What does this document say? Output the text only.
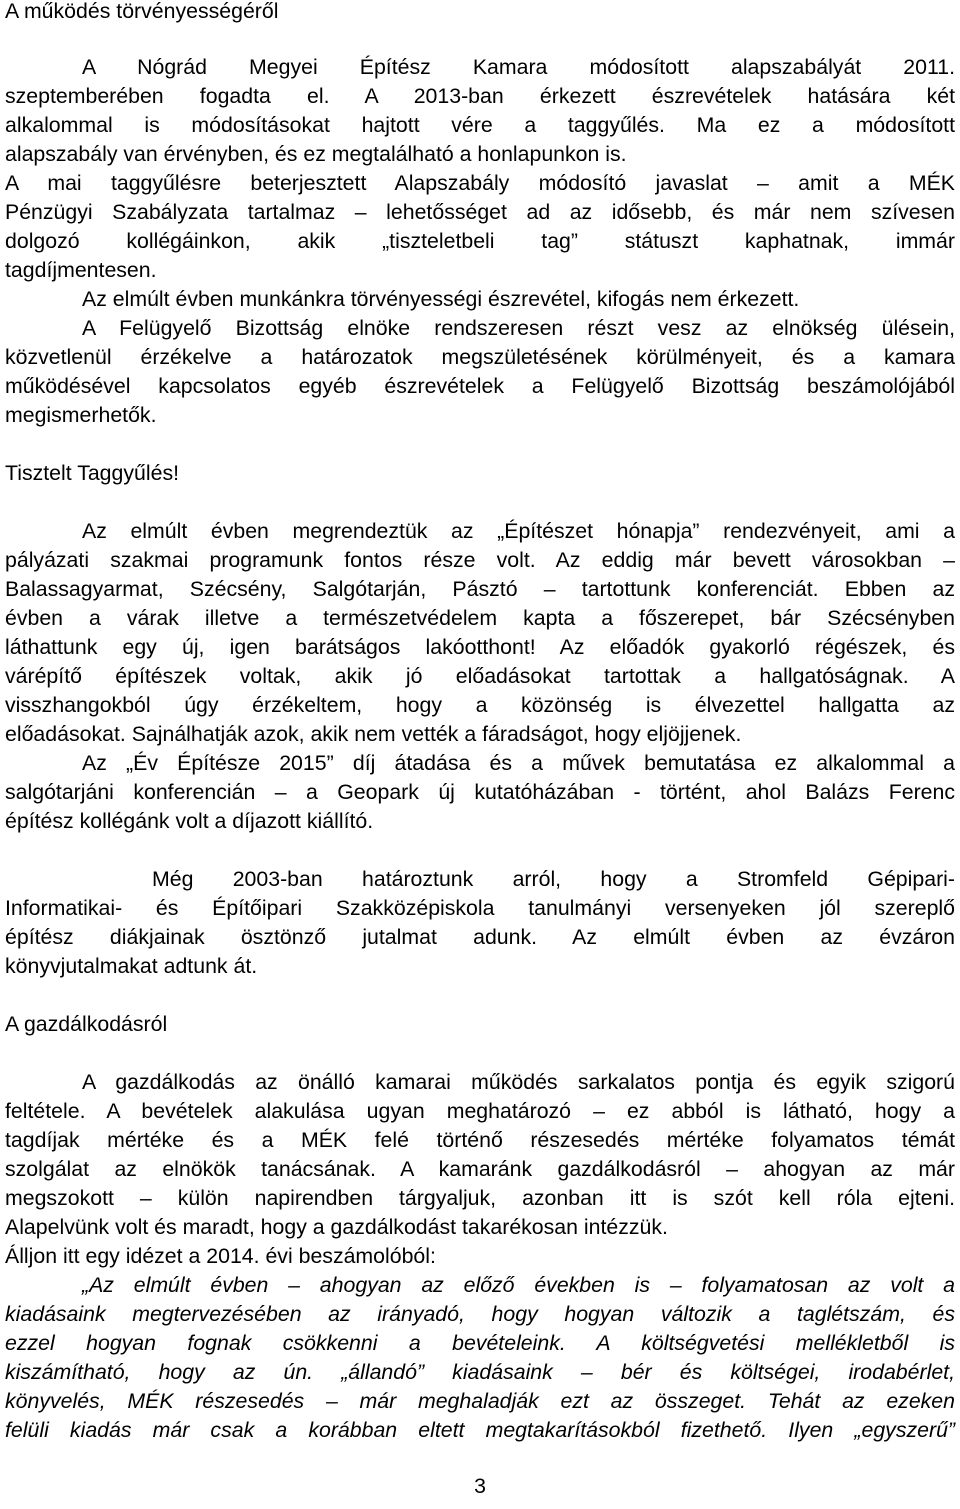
A működés törvényességéről
A Nógrád Megyei Építész Kamara módosított alapszabályát 2011.
szeptemberében fogadta el. A 2013-ban érkezett észrevételek hatására két
alkalommal is módosításokat hajtott vére a taggyűlés. Ma ez a módosított
alapszabály van érvényben, és ez megtalálható a honlapunkon is.
A mai taggyűlésre beterjesztett Alapszabály módosító javaslat – amit a MÉK
Pénzügyi Szabályzata tartalmaz – lehetősséget ad az idősebb, és már nem szívesen
dolgozó kollégáinkon, akik „tiszteletbeli tag” státuszt kaphatnak, immár
tagdíjmentesen.
Az elmúlt évben munkánkra törvényességi észrevétel, kifogás nem érkezett.
A Felügyelő Bizottság elnöke rendszeresen részt vesz az elnökség ülésein,
közvetlenül érzékelve a határozatok megszületésének körülményeit, és a kamara
működésével kapcsolatos egyéb észrevételek a Felügyelő Bizottság beszámolójából
megismerhetők.
Tisztelt Taggyűlés!
Az elmúlt évben megrendeztük az „Építészet hónapja” rendezvényeit, ami a
pályázati szakmai programunk fontos része volt. Az eddig már bevett városokban –
Balassagyarmat, Szécsény, Salgótarján, Pásztó – tartottunk konferenciát. Ebben az
évben a várak illetve a természetvédelem kapta a főszerepet, bár Szécsényben
láthattunk egy új, igen barátságos lakóotthont! Az előadók gyakorló régészek, és
várépítő építészek voltak, akik jó előadásokat tartottak a hallgatóságnak. A
visszhangokból úgy érzékeltem, hogy a közönség is élvezettel hallgatta az
előadásokat. Sajnálhatják azok, akik nem vették a fáradságot, hogy eljöjjenek.
Az „Év Építésze 2015” díj átadása és a művek bemutatása ez alkalommal a
salgótarjáni konferencián – a Geopark új kutatóházában - történt, ahol Balázs Ferenc
építész kollégánk volt a díjazott kiállító.
Még 2003-ban határoztunk arról, hogy a Stromfeld Gépipari-
Informatikai- és Építőipari Szakközépiskola tanulmányi versenyeken jól szereplő
építész diákjainak ösztönző jutalmat adunk. Az elmúlt évben az évzáron
könyvjutalmakat adtunk át.
A gazdálkodásról
A gazdálkodás az önálló kamarai működés sarkalatos pontja és egyik szigorú
feltétele. A bevételek alakulása ugyan meghatározó – ez abból is látható, hogy a
tagdíjak mértéke és a MÉK felé történő részesedés mértéke folyamatos témát
szolgálat az elnökök tanácsának. A kamaránk gazdálkodásról – ahogyan az már
megszokott – külön napirendben tárgyaljuk, azonban itt is szót kell róla ejteni.
Alapelvünk volt és maradt, hogy a gazdálkodást takarékosan intézzük.
Álljon itt egy idézet a 2014. évi beszámolóból:
„Az elmúlt évben – ahogyan az előző években is – folyamatosan az volt a
kiadásaink megtervezésében az irányadó, hogy hogyan változik a taglétszám, és
ezzel hogyan fognak csökkenni a bevételeink. A költségvetési mellékletből is
kiszámítható, hogy az ún. „állandó” kiadásaink – bér és költségei, irodabérlet,
könyvelés, MÉK részesedés – már meghaladják ezt az összeget. Tehát az ezeken
felüli kiadás már csak a korábban eltett megtakarításokból fizethető. Ilyen „egyszerű”
3
